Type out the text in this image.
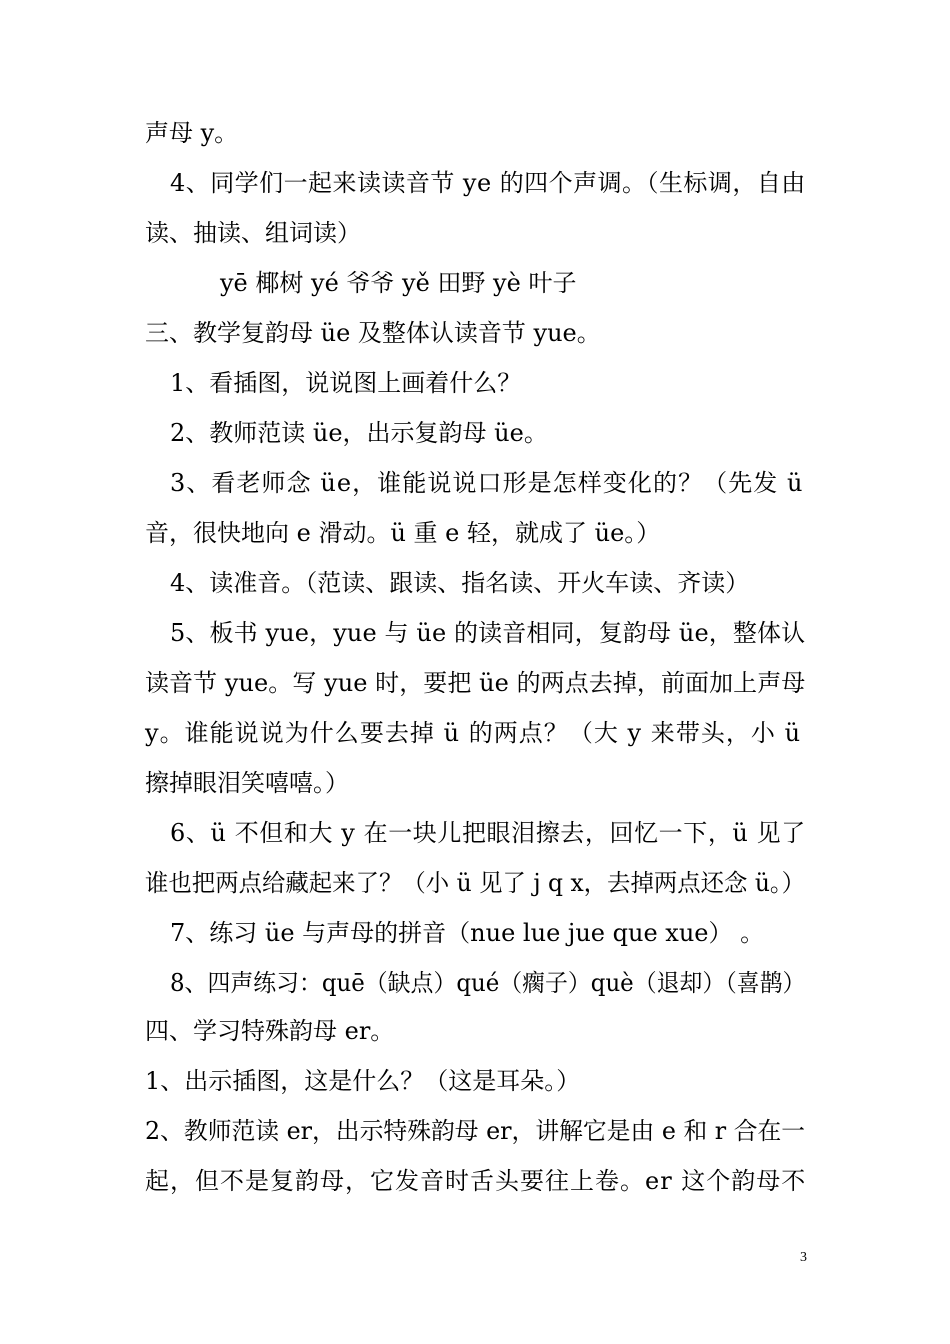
声母 y。
4、同学们一起来读读音节 ye 的四个声调。（生标调，自由
读、抽读、组词读）
yē 椰树 yé 爷爷 yě 田野 yè 叶子
三、教学复韵母 üe 及整体认读音节 yue。
1、看插图，说说图上画着什么？
2、教师范读 üe，出示复韵母 üe。
3、看老师念 üe，谁能说说口形是怎样变化的？（先发 ü
音，很快地向 e 滑动。ü 重 e 轻，就成了 üe。）
4、读准音。（范读、跟读、指名读、开火车读、齐读）
5、板书 yue，yue 与 üe 的读音相同，复韵母 üe，整体认
读音节 yue。写 yue 时，要把 üe 的两点去掉，前面加上声母
y。谁能说说为什么要去掉 ü 的两点？（大 y 来带头，小 ü
擦掉眼泪笑嘻嘻。）
6、ü 不但和大 y 在一块儿把眼泪擦去，回忆一下，ü 见了
谁也把两点给藏起来了？（小 ü 见了 j q x，去掉两点还念 ü。）
7、练习 üe 与声母的拼音（nue lue jue que xue） 。
8、四声练习：quē（缺点）qué（瘸子）què（退却）（喜鹊）
四、学习特殊韵母 er。
1、出示插图，这是什么？（这是耳朵。）
2、教师范读 er，出示特殊韵母 er，讲解它是由 e 和 r 合在一
起，但不是复韵母，它发音时舌头要往上卷。er 这个韵母不
3
